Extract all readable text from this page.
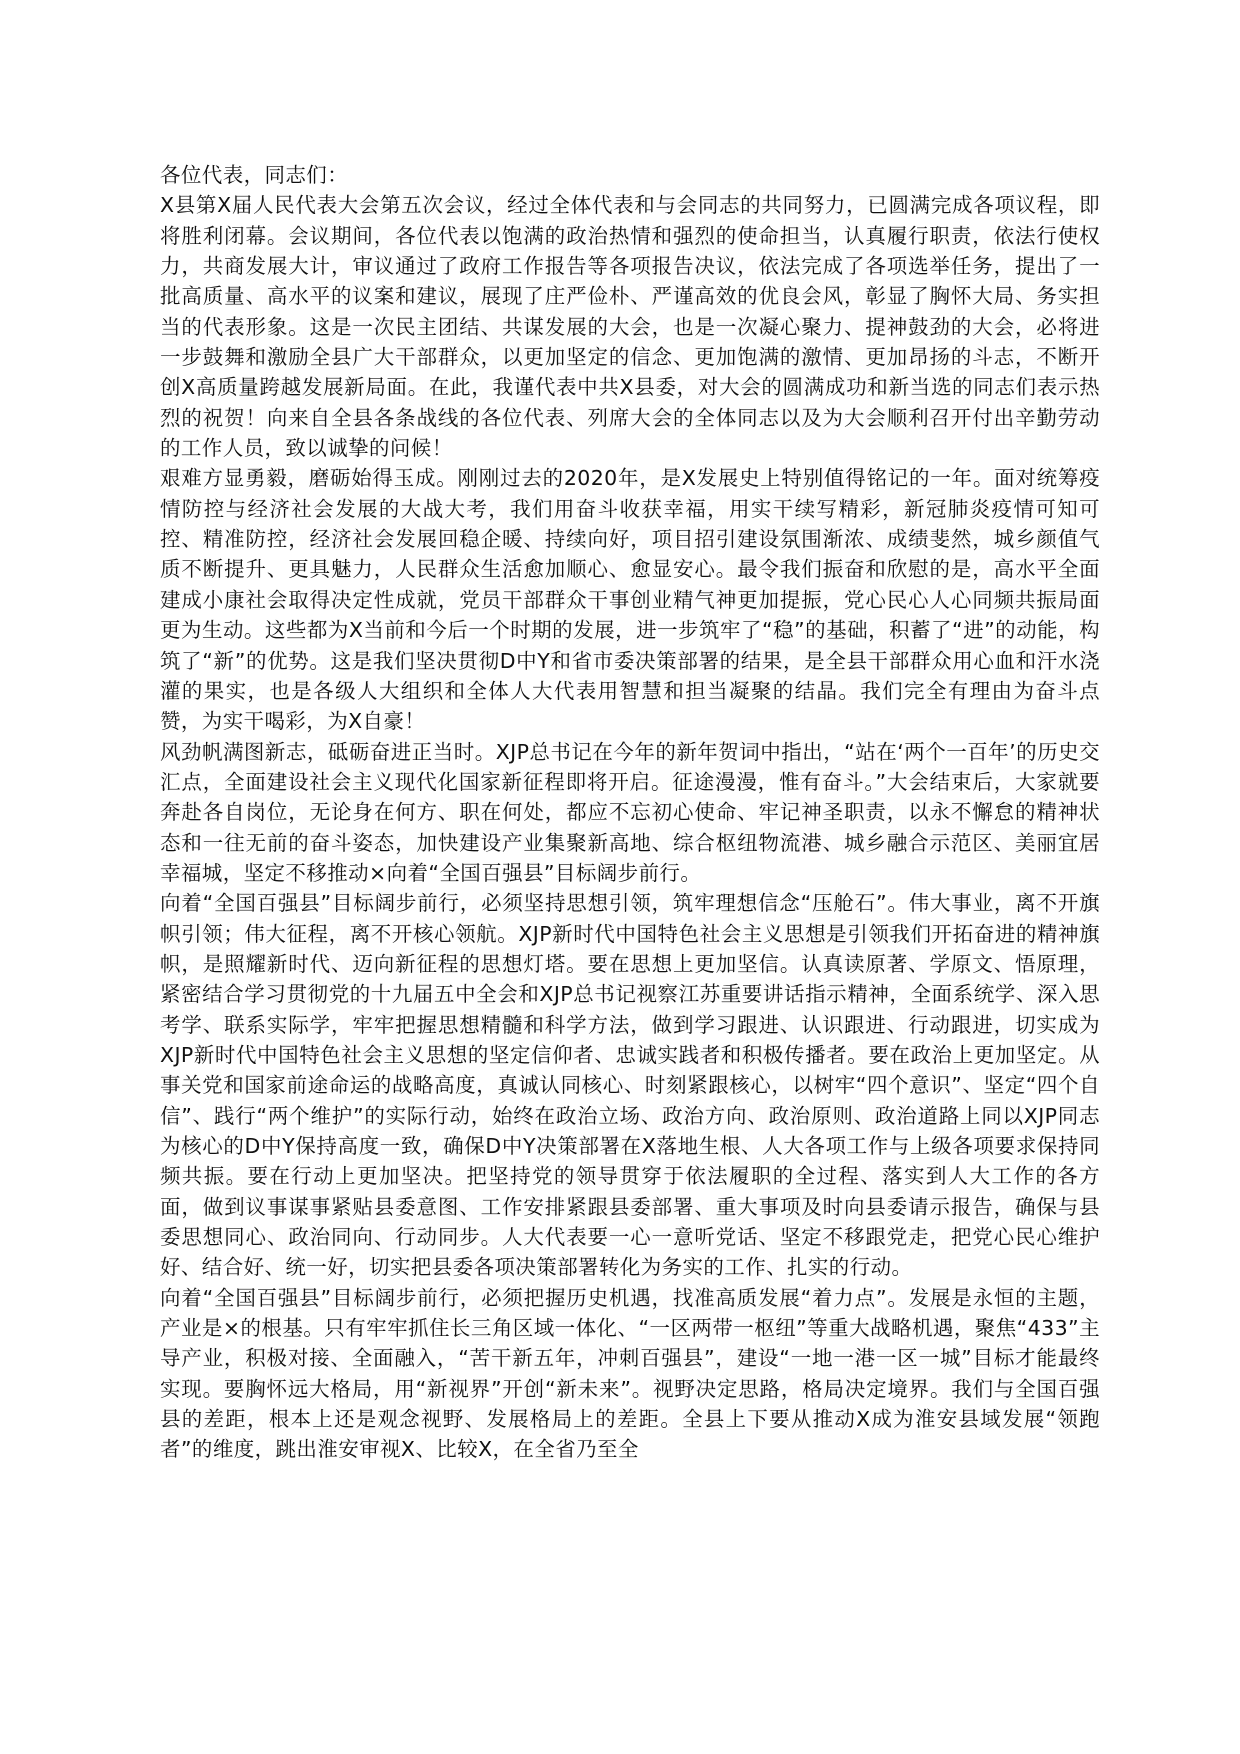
各位代表，同志们：

X县第X届人民代表大会第五次会议，经过全体代表和与会同志的共同努力，已圆满完成各项议程，即将胜利闭幕。会议期间，各位代表以饱满的政治热情和强烈的使命担当，认真履行职责，依法行使权力，共商发展大计，审议通过了政府工作报告等各项报告决议，依法完成了各项选举任务，提出了一批高质量、高水平的议案和建议，展现了庄严俭朴、严谨高效的优良会风，彰显了胸怀大局、务实担当的代表形象。这是一次民主团结、共谋发展的大会，也是一次凝心聚力、提神鼓劲的大会，必将进一步鼓舞和激励全县广大干部群众，以更加坚定的信念、更加饱满的激情、更加昂扬的斗志，不断开创X高质量跨越发展新局面。在此，我谨代表中共X县委，对大会的圆满成功和新当选的同志们表示热烈的祝贺！向来自全县各条战线的各位代表、列席大会的全体同志以及为大会顺利召开付出辛勤劳动的工作人员，致以诚挚的问候！

艰难方显勇毅，磨砺始得玉成。刚刚过去的2020年，是X发展史上特别值得铭记的一年。面对统筹疫情防控与经济社会发展的大战大考，我们用奋斗收获幸福，用实干续写精彩，新冠肺炎疫情可知可控、精准防控，经济社会发展回稳企暖、持续向好，项目招引建设氛围渐浓、成绩斐然，城乡颜值气质不断提升、更具魅力，人民群众生活愈加顺心、愈显安心。最令我们振奋和欣慰的是，高水平全面建成小康社会取得决定性成就，党员干部群众干事创业精气神更加提振，党心民心人心同频共振局面更为生动。这些都为X当前和今后一个时期的发展，进一步筑牢了“稳”的基础，积蓄了“进”的动能，构筑了“新”的优势。这是我们坚决贯彻D中Y和省市委决策部署的结果，是全县干部群众用心血和汗水浇灌的果实，也是各级人大组织和全体人大代表用智慧和担当凝聚的结晶。我们完全有理由为奋斗点赞，为实干喝彩，为X自豪！

风劲帆满图新志，砥砺奋进正当时。XJP总书记在今年的新年贺词中指出，“站在‘两个一百年’的历史交汇点，全面建设社会主义现代化国家新征程即将开启。征途漫漫，惟有奋斗。”大会结束后，大家就要奔赴各自岗位，无论身在何方、职在何处，都应不忘初心使命、牢记神圣职责，以永不懈怠的精神状态和一往无前的奋斗姿态，加快建设产业集聚新高地、综合枢纽物流港、城乡融合示范区、美丽宜居幸福城，坚定不移推动×向着“全国百强县”目标阔步前行。

向着“全国百强县”目标阔步前行，必须坚持思想引领，筑牢理想信念“压舱石”。伟大事业，离不开旗帜引领；伟大征程，离不开核心领航。XJP新时代中国特色社会主义思想是引领我们开拓奋进的精神旗帜，是照耀新时代、迈向新征程的思想灯塔。要在思想上更加坚信。认真读原著、学原文、悟原理，紧密结合学习贯彻党的十九届五中全会和XJP总书记视察江苏重要讲话指示精神，全面系统学、深入思考学、联系实际学，牢牢把握思想精髓和科学方法，做到学习跟进、认识跟进、行动跟进，切实成为XJP新时代中国特色社会主义思想的坚定信仰者、忠诚实践者和积极传播者。要在政治上更加坚定。从事关党和国家前途命运的战略高度，真诚认同核心、时刻紧跟核心，以树牢“四个意识”、坚定“四个自信”、践行“两个维护”的实际行动，始终在政治立场、政治方向、政治原则、政治道路上同以XJP同志为核心的D中Y保持高度一致，确保D中Y决策部署在X落地生根、人大各项工作与上级各项要求保持同频共振。要在行动上更加坚决。把坚持党的领导贯穿于依法履职的全过程、落实到人大工作的各方面，做到议事谋事紧贴县委意图、工作安排紧跟县委部署、重大事项及时向县委请示报告，确保与县委思想同心、政治同向、行动同步。人大代表要一心一意听党话、坚定不移跟党走，把党心民心维护好、结合好、统一好，切实把县委各项决策部署转化为务实的工作、扎实的行动。

向着“全国百强县”目标阔步前行，必须把握历史机遇，找准高质发展“着力点”。发展是永恒的主题，产业是×的根基。只有牢牢抓住长三角区域一体化、“一区两带一枢纽”等重大战略机遇，聚焦“433”主导产业，积极对接、全面融入，“苦干新五年，冲刺百强县”，建设“一地一港一区一城”目标才能最终实现。要胸怀远大格局，用“新视界”开创“新未来”。视野决定思路，格局决定境界。我们与全国百强县的差距，根本上还是观念视野、发展格局上的差距。全县上下要从推动X成为淮安县域发展“领跑者”的维度，跳出淮安审视X、比较X，在全省乃至全
